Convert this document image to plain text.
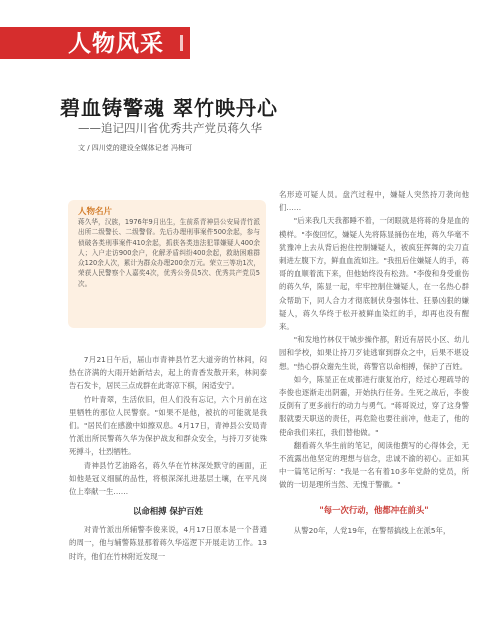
人物风采
碧血铸警魂 翠竹映丹心
——追记四川省优秀共产党员蒋久华
文 / 四川党的建设全媒体记者 冯梅可
人物名片
蒋久华，汉族，1976年9月出生，生前系青神县公安局青竹派出所二级警长、二级警督。先后办理刑事案件500余起，参与侦破各类刑事案件410余起，抓获各类违法犯罪嫌疑人400余人；入户走访900余户，化解矛盾纠纷400余起，救助困难群众120余人次，累计为群众办理200余万元。荣立三等功1次，荣获人民警察个人嘉奖4次，优秀公务员5次、优秀共产党员5次。

7月21日午后，届山市青神县竹艺大道旁的竹林间，闷热在济满的大雨开始新结去，起上的青香发散开来，林间泰告石发卡，居民三点成群在此寄凉下棋，闲适安宁。

竹叶青翠，生活依旧，但人们没有忘记，六个月前在这里牺牲的那位人民警察。"如果不是他，被抗的可能就是我们。"居民们在感激中如擦双息。4月17日，青神县公安局青竹派出所民警蒋久华为保护战友和群众安全，与持刀歹徒殊死搏斗，壮烈牺牲。

青神县竹艺油路名，蒋久华在竹林深处默守的画面，正如他是冠义细腻的品性，将根深深扎进基层土壤，在平凡岗位上奉献一生……

以命相搏 保护百姓

对青竹派出所辅警李俊来说，4月17日原本是一个普通的周一，他与辅警陈显那着蒋久华巡逻下开展走访工作。13时许，他们在竹林附近发现一

名形迹可疑人员。盘汽过程中，嫌疑人突然持刀袭向他们……

"后来我几天我都睡不着，一闭眼就是将蒋的身是血的模样。"李俊回忆，嫌疑人先将陈显捅伤在地，蒋久华毫不犹豫冲上去从背后抱住控制嫌疑人，被疯狂挥舞的尖刀直刺进左腹下方，鲜血血流如注。"我扭后住嫌疑人的手，蒋哥的血顺着流下来，但他始终没有松劲。"李俊和身受重伤的蒋久华，陈显一起，牢牢控制住嫌疑人，在一名热心群众帮助下，同人合力才彻底制伏身强体壮、狂暴凶狠的嫌疑人，蒋久华终于松开被鲜血染红的手，却再也没有醒来。

"和发地竹林仅干城步操作都，附近有居民小区、幼儿园和学校，如果让持刀歹徒逃窜到群众之中，后果不堪设想。"热心群众谢先生说，蒋警官以命相搏，保护了百姓。

如今，陈显正在成都进行康复治疗，经过心理疏导的李俊也逐渐走出阴霾，开始执行任务。生死之战后，李俊反倒有了更多前行的动力与勇气。"蒋哥说过，穿了这身警服就要天职送的责任，再危险也要往前冲，他走了，他的使命我们来扛，我们替他做。"

翻看蒋久华生前的笔记，阅读他撰写的心得体会，无不流露出他坚定的理想与信念，忠诚不渝的初心。正如其中一篇笔记所写："我是一名有着10多年党龄的党员，所做的一切是理所当然、无愧于警徽。"

"每一次行动，他都冲在前头"

从警20年，人党19年，在警帮搞线上在派5年，
